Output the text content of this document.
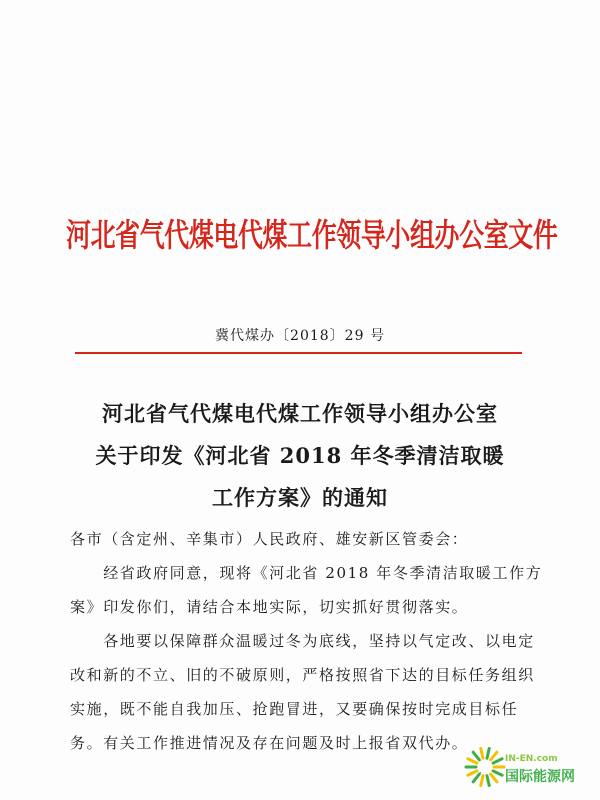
河北省气代煤电代煤工作领导小组办公室文件
冀代煤办〔2018〕29 号
河北省气代煤电代煤工作领导小组办公室
关于印发《河北省 2018 年冬季清洁取暖
工作方案》的通知
各市（含定州、辛集市）人民政府、雄安新区管委会：
　　经省政府同意，现将《河北省 2018 年冬季清洁取暖工作方
案》印发你们，请结合本地实际，切实抓好贯彻落实。
　　各地要以保障群众温暖过冬为底线，坚持以气定改、以电定
改和新的不立、旧的不破原则，严格按照省下达的目标任务组织
实施，既不能自我加压、抢跑冒进，又要确保按时完成目标任
务。有关工作推进情况及存在问题及时上报省双代办。
IN-EN.com
国际能源网
